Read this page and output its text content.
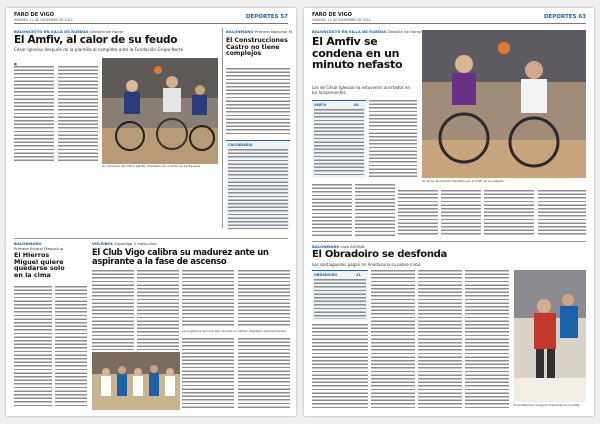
FARO DE VIGO
VIERNES, 12 DE DICIEMBRE DE 2014	DEPORTES 57
BALONCESTO EN SILLA DE RUEDAS División de Honor
El Amfiv, al calor de su feudo
César Iglesias después de la plantilla al completo ante la Fundación Grupo Norte
■
Un momento del último partido disputado por el Amfiv en As Travesas.
BALONMANO Primera Nacional M
El Construcciones Castro no tiene complejos
CALENDARIO
BALONMANO
Primera Estatal Masculina
El Hierros Miguel quiere quedarse solo en la cima
VOLEIBOL Superliga 2 masculina
El Club Vigo calibra su madurez ante un aspirante a la fase de ascenso
Los jugadores del Club Vigo durante un partido disputado esta temporada.
FARO DE VIGO
VIERNES, 12 DE DICIEMBRE DE 2014	DEPORTES 63
BALONCESTO EN SILLA DE RUEDAS División de Honor
El Amfiv se condena en un minuto nefasto
Los de César Iglesias no estuvieron acertados en los lanzamientos
AMFIV	64
Un lance del partido disputado por el Amfiv en su pabellón.
BALONMANO Liga ASOBAL
El Obradoiro se desfonda
Los santiagueses pagan en Anaitasuna su pobre inicio
OBRADOIRO	21
El Anaitasuna consiguió imponerse en su pista.
